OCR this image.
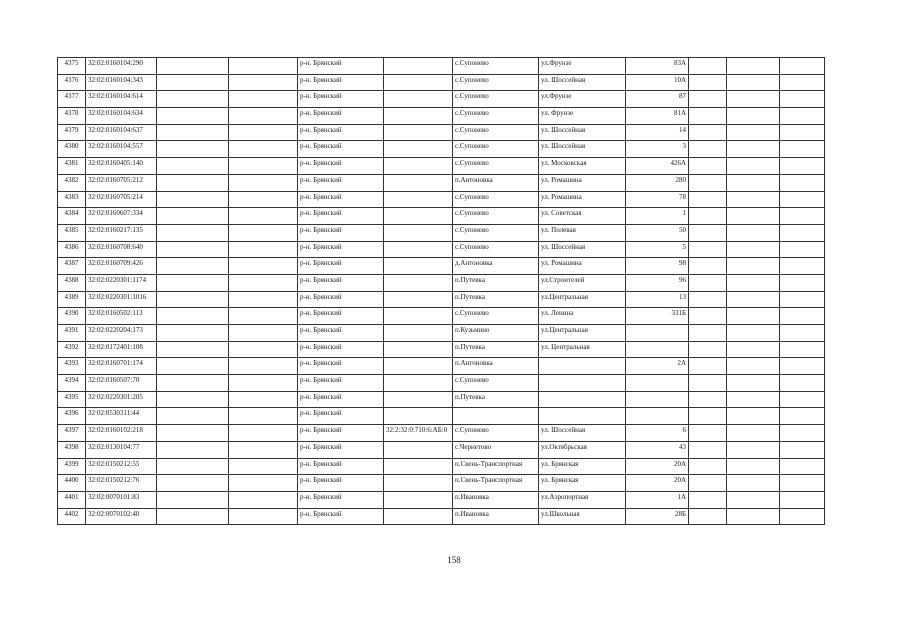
4375	32:02:0160104:290			р-н. Брянский		с.Супонево	ул.Фрунзе	83А			
4376	32:02:0160104:343			р-н. Брянский		с.Супонево	ул. Шоссейная	10А			
4377	32:02:0160104:614			р-н. Брянский		с.Супонево	ул.Фрунзе	87			
4378	32:02:0160104:634			р-н. Брянский		с.Супонево	ул. Фрунзе	81А			
4379	32:02:0160104:637			р-н. Брянский		с.Супонево	ул. Шоссейная	14			
4380	32:02:0160104:557			р-н. Брянский		с.Супонево	ул. Шоссейная	3			
4381	32:02:0160405:140			р-н. Брянский		с.Супонево	ул. Московская	426А			
4382	32:02:0160705:212			р-н. Брянский		п.Антоновка	ул. Ромашина	280			
4383	32:02:0160705:214			р-н. Брянский		с.Супонево	ул. Ромашина	78			
4384	32:02:0160607:334			р-н. Брянский		с.Супонево	ул. Советская	1			
4385	32:02:0160217:135			р-н. Брянский		с.Супонево	ул. Полевая	50			
4386	32:02:0160708:640			р-н. Брянский		с.Супонево	ул. Шоссейная	5			
4387	32:02:0160709:426			р-н. Брянский		д.Антоновка	ул. Ромашина	98			
4388	32:02:0220301:1174			р-н. Брянский		п.Путевка	ул.Строителей	96			
4389	32:02:0220301:1016			р-н. Брянский		п.Путевка	ул.Центральная	13			
4390	32:02:0160502:113			р-н. Брянский		с.Супонево	ул. Ленина	331Б			
4391	32:02:0220204:173			р-н. Брянский		п.Кузьмино	ул.Центральная				
4392	32:02:0172401:108			р-н. Брянский		п.Путевка	ул. Центральная				
4393	32:02:0160701:174			р-н. Брянский		п.Антоновка		2А			
4394	32:02:0160507:70			р-н. Брянский		с.Супонево					
4395	32:02:0220301:205			р-н. Брянский		п.Путевка					
4396	32:02:0530311:44			р-н. Брянский							
4397	32:02:0160102:218			р-н. Брянский	32:2:32:0:710:6:АБ:0	с.Супонево	ул. Шоссейная	6			
4398	32:02:0130104:77			р-н. Брянский		с.Чернетово	ул.Октябрьская	43			
4399	32:02:0150212:55			р-н. Брянский		п.Свень-Транспортная	ул. Брянская	20А			
4400	32:02:0150212:76			р-н. Брянский		п.Свень-Транспортная	ул. Брянская	20А			
4401	32:02:0070101:83			р-н. Брянский		п.Ивановка	ул.Аэропортная	1А			
4402	32:02:0070102:40			р-н. Брянский		п.Ивановка	ул.Школьная	28Б			
158
